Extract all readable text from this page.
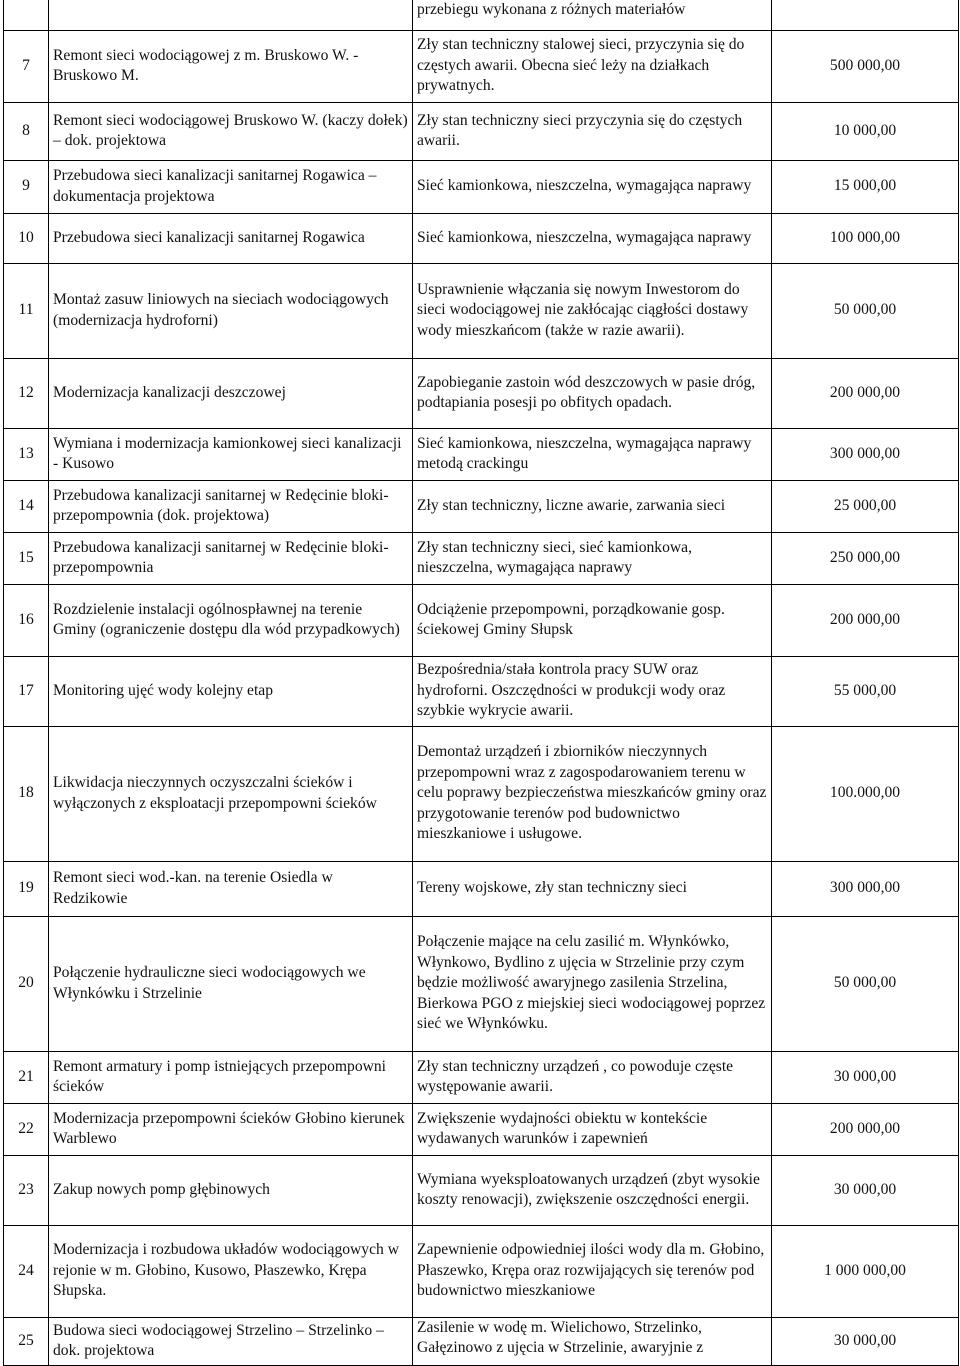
		przebiegu wykonana z różnych materiałów	

7	Remont sieci wodociągowej z m. Bruskowo W. - Bruskowo M.	Zły stan techniczny stalowej sieci, przyczynia się do częstych awarii. Obecna sieć leży na działkach prywatnych.	500 000,00
8	Remont sieci wodociągowej Bruskowo W. (kaczy dołek) – dok. projektowa	Zły stan techniczny sieci przyczynia się do częstych awarii.	10 000,00
9	Przebudowa sieci kanalizacji sanitarnej Rogawica – dokumentacja projektowa	Sieć kamionkowa, nieszczelna, wymagająca naprawy	15 000,00
10	Przebudowa sieci kanalizacji sanitarnej Rogawica	Sieć kamionkowa, nieszczelna, wymagająca naprawy	100 000,00
11	Montaż zasuw liniowych na sieciach wodociągowych (modernizacja hydroforni)	Usprawnienie włączania się nowym Inwestorom do sieci wodociągowej nie zakłócając ciągłości dostawy wody mieszkańcom (także w razie awarii).	50 000,00
12	Modernizacja kanalizacji deszczowej	Zapobieganie zastoin wód deszczowych w pasie dróg, podtapiania posesji po obfitych opadach.	200 000,00
13	Wymiana i modernizacja kamionkowej sieci kanalizacji - Kusowo	Sieć kamionkowa, nieszczelna, wymagająca naprawy metodą crackingu	300 000,00
14	Przebudowa kanalizacji sanitarnej w Redęcinie bloki-przepompownia (dok. projektowa)	Zły stan techniczny, liczne awarie, zarwania sieci	25 000,00
15	Przebudowa kanalizacji sanitarnej w Redęcinie bloki-przepompownia	Zły stan techniczny sieci, sieć kamionkowa, nieszczelna, wymagająca naprawy	250 000,00
16	Rozdzielenie instalacji ogólnospławnej na terenie Gminy (ograniczenie dostępu dla wód przypadkowych)	Odciążenie przepompowni, porządkowanie gosp. ściekowej Gminy Słupsk	200 000,00
17	Monitoring ujęć wody kolejny etap	Bezpośrednia/stała kontrola pracy SUW oraz hydroforni. Oszczędności w produkcji wody oraz szybkie wykrycie awarii.	55 000,00
18	Likwidacja nieczynnych oczyszczalni ścieków i wyłączonych z eksploatacji przepompowni ścieków	Demontaż urządzeń i zbiorników nieczynnych przepompowni wraz z zagospodarowaniem terenu w celu poprawy bezpieczeństwa mieszkańców gminy oraz przygotowanie terenów pod budownictwo mieszkaniowe i usługowe.	100.000,00
19	Remont sieci wod.-kan. na terenie Osiedla w Redzikowie	Tereny wojskowe, zły stan techniczny sieci	300 000,00
20	Połączenie hydrauliczne sieci wodociągowych we Włynkówku i Strzelinie	Połączenie mające na celu zasilić m. Włynkówko, Włynkowo, Bydlino z ujęcia w Strzelinie przy czym będzie możliwość awaryjnego zasilenia Strzelina, Bierkowa PGO z miejskiej sieci wodociągowej poprzez sieć we Włynkówku.	50 000,00
21	Remont armatury i pomp istniejących przepompowni ścieków	Zły stan techniczny urządzeń , co powoduje częste występowanie awarii.	30 000,00
22	Modernizacja przepompowni ścieków Głobino kierunek Warblewo	Zwiększenie wydajności obiektu w kontekście wydawanych warunków i zapewnień	200 000,00
23	Zakup nowych pomp głębinowych	Wymiana wyeksploatowanych urządzeń (zbyt wysokie koszty renowacji), zwiększenie oszczędności energii.	30 000,00
24	Modernizacja i rozbudowa układów wodociągowych w rejonie w m. Głobino, Kusowo, Płaszewko, Krępa Słupska.	Zapewnienie odpowiedniej ilości wody dla m. Głobino, Płaszewko, Krępa oraz rozwijających się terenów pod budownictwo mieszkaniowe	1 000 000,00
25	Budowa sieci wodociągowej Strzelino – Strzelinko – dok. projektowa	Zasilenie w wodę m. Wielichowo, Strzelinko, Gałęzinowo z ujęcia w Strzelinie, awaryjnie z	30 000,00
